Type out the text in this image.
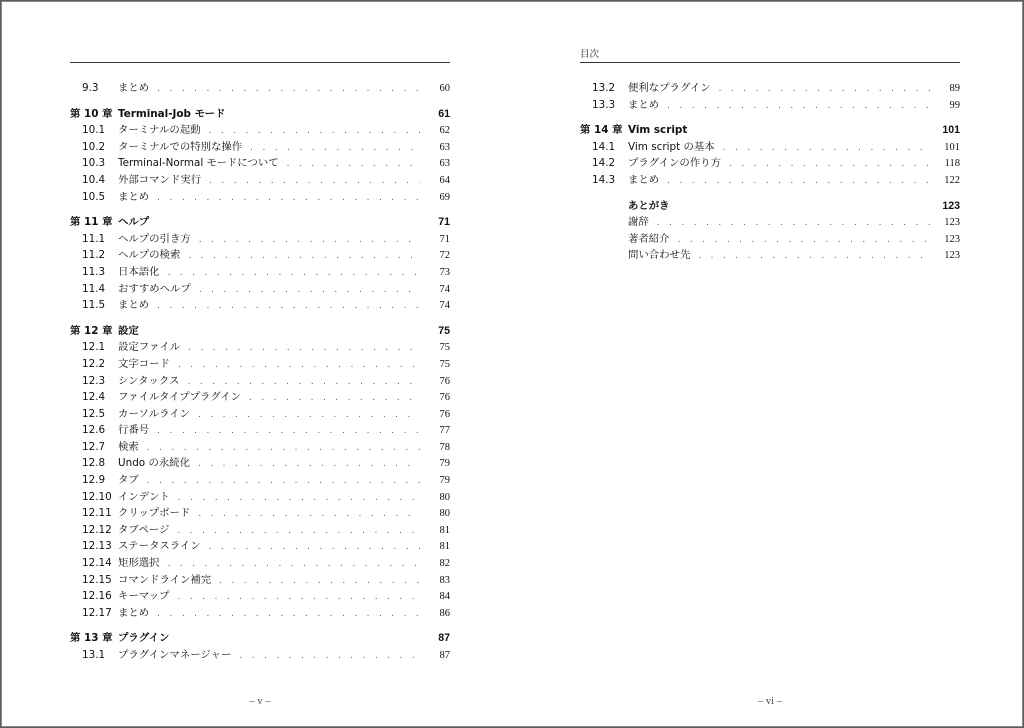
9.3	まとめ . . .	60
第 10 章 Terminal-Job モード	61
10.1	ターミナルの起動 . . .	62
10.2	ターミナルでの特別な操作 . . .	63
10.3	Terminal-Normal モードについて . . .	63
10.4	外部コマンド実行 . . .	64
10.5	まとめ . . .	69
第 11 章 ヘルプ	71
11.1	ヘルプの引き方 . . .	71
11.2	ヘルプの検索 . . .	72
11.3	日本語化 . . .	73
11.4	おすすめヘルプ . . .	74
11.5	まとめ . . .	74
第 12 章 設定	75
12.1	設定ファイル . . .	75
12.2	文字コード . . .	75
12.3	シンタックス . . .	76
12.4	ファイルタイププラグイン . . .	76
12.5	カーソルライン . . .	76
12.6	行番号 . . .	77
12.7	検索 . . .	78
12.8	Undo の永続化 . . .	79
12.9	タブ . . .	79
12.10 インデント . . .	80
12.11 クリップボード . . .	80
12.12 タブページ . . .	81
12.13 ステータスライン . . .	81
12.14 矩形選択 . . .	82
12.15 コマンドライン補完 . . .	83
12.16 キーマップ . . .	84
12.17 まとめ . . .	86
第 13 章 プラグイン	87
13.1	プラグインマネージャー . . .	87
– v –
目次
13.2	便利なプラグイン . . .	89
13.3	まとめ . . .	99
第 14 章 Vim script	101
14.1	Vim script の基本 . . .	101
14.2	プラグインの作り方 . . .	118
14.3	まとめ . . .	122
あとがき	123
謝辞 . . .	123
著者紹介 . . .	123
問い合わせ先 . . .	123
– vi –
